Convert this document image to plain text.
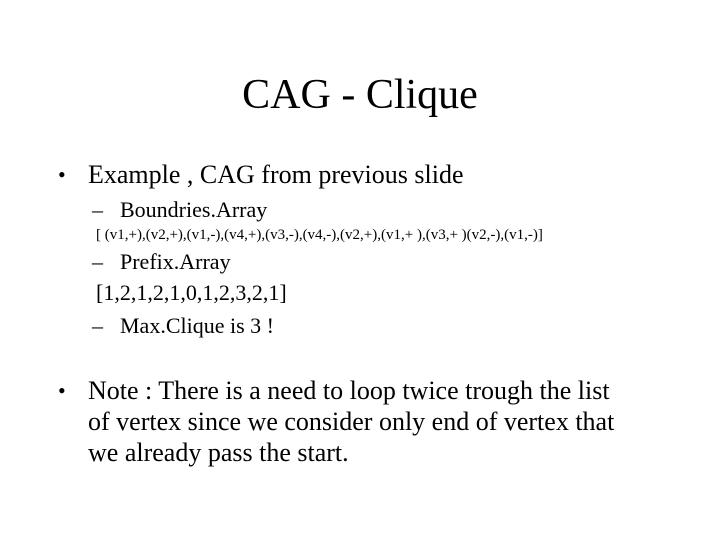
CAG - Clique
• Example , CAG from previous slide
– Boundries.Array
[ (v1,+),(v2,+),(v1,-),(v4,+),(v3,-),(v4,-),(v2,+),(v1,+ ),(v3,+ )(v2,-),(v1,-)]
– Prefix.Array
[1,2,1,2,1,0,1,2,3,2,1]
– Max.Clique is 3 !
• Note : There is a need to loop twice trough the list
of vertex since we consider only end of vertex that
we already pass the start.
